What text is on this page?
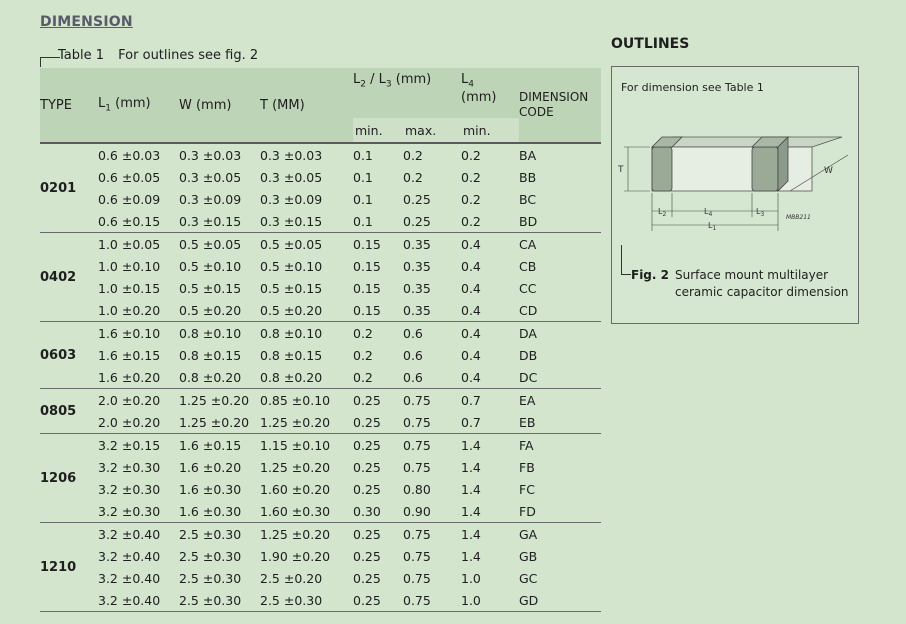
DIMENSION
Table 1 For outlines see fig. 2
TYPE	$L_1$ (mm)	W (mm)	T (MM)	$L_2 / L_3$ (mm)		$L_4$
(mm)	DIMENSION CODE
				min.	max.	min.	
0201	0.6 ±0.03	0.3 ±0.03	0.3 ±0.03	0.1	0.2	0.2	BA
	0.6 ±0.05	0.3 ±0.05	0.3 ±0.05	0.1	0.2	0.2	BB
	0.6 ±0.09	0.3 ±0.09	0.3 ±0.09	0.1	0.25	0.2	BC
	0.6 ±0.15	0.3 ±0.15	0.3 ±0.15	0.1	0.25	0.2	BD
0402	1.0 ±0.05	0.5 ±0.05	0.5 ±0.05	0.15	0.35	0.4	CA
	1.0 ±0.10	0.5 ±0.10	0.5 ±0.10	0.15	0.35	0.4	CB
	1.0 ±0.15	0.5 ±0.15	0.5 ±0.15	0.15	0.35	0.4	CC
	1.0 ±0.20	0.5 ±0.20	0.5 ±0.20	0.15	0.35	0.4	CD
0603	1.6 ±0.10	0.8 ±0.10	0.8 ±0.10	0.2	0.6	0.4	DA
	1.6 ±0.15	0.8 ±0.15	0.8 ±0.15	0.2	0.6	0.4	DB
	1.6 ±0.20	0.8 ±0.20	0.8 ±0.20	0.2	0.6	0.4	DC
0805	2.0 ±0.20	1.25 ±0.20	0.85 ±0.10	0.25	0.75	0.7	EA
	2.0 ±0.20	1.25 ±0.20	1.25 ±0.20	0.25	0.75	0.7	EB
1206	3.2 ±0.15	1.6 ±0.15	1.15 ±0.10	0.25	0.75	1.4	FA
	3.2 ±0.30	1.6 ±0.20	1.25 ±0.20	0.25	0.75	1.4	FB
	3.2 ±0.30	1.6 ±0.30	1.60 ±0.20	0.25	0.80	1.4	FC
	3.2 ±0.30	1.6 ±0.30	1.60 ±0.30	0.30	0.90	1.4	FD
1210	3.2 ±0.40	2.5 ±0.30	1.25 ±0.20	0.25	0.75	1.4	GA
	3.2 ±0.40	2.5 ±0.30	1.90 ±0.20	0.25	0.75	1.4	GB
	3.2 ±0.40	2.5 ±0.30	2.5 ±0.20	0.25	0.75	1.0	GC
	3.2 ±0.40	2.5 ±0.30	2.5 ±0.30	0.25	0.75	1.0	GD
OUTLINES
For dimension see Table 1
T	W
$L_2$	$L_4$	$L_3$
$L_1$
MBB211
Fig. 2 Surface mount multilayer
ceramic capacitor dimension
